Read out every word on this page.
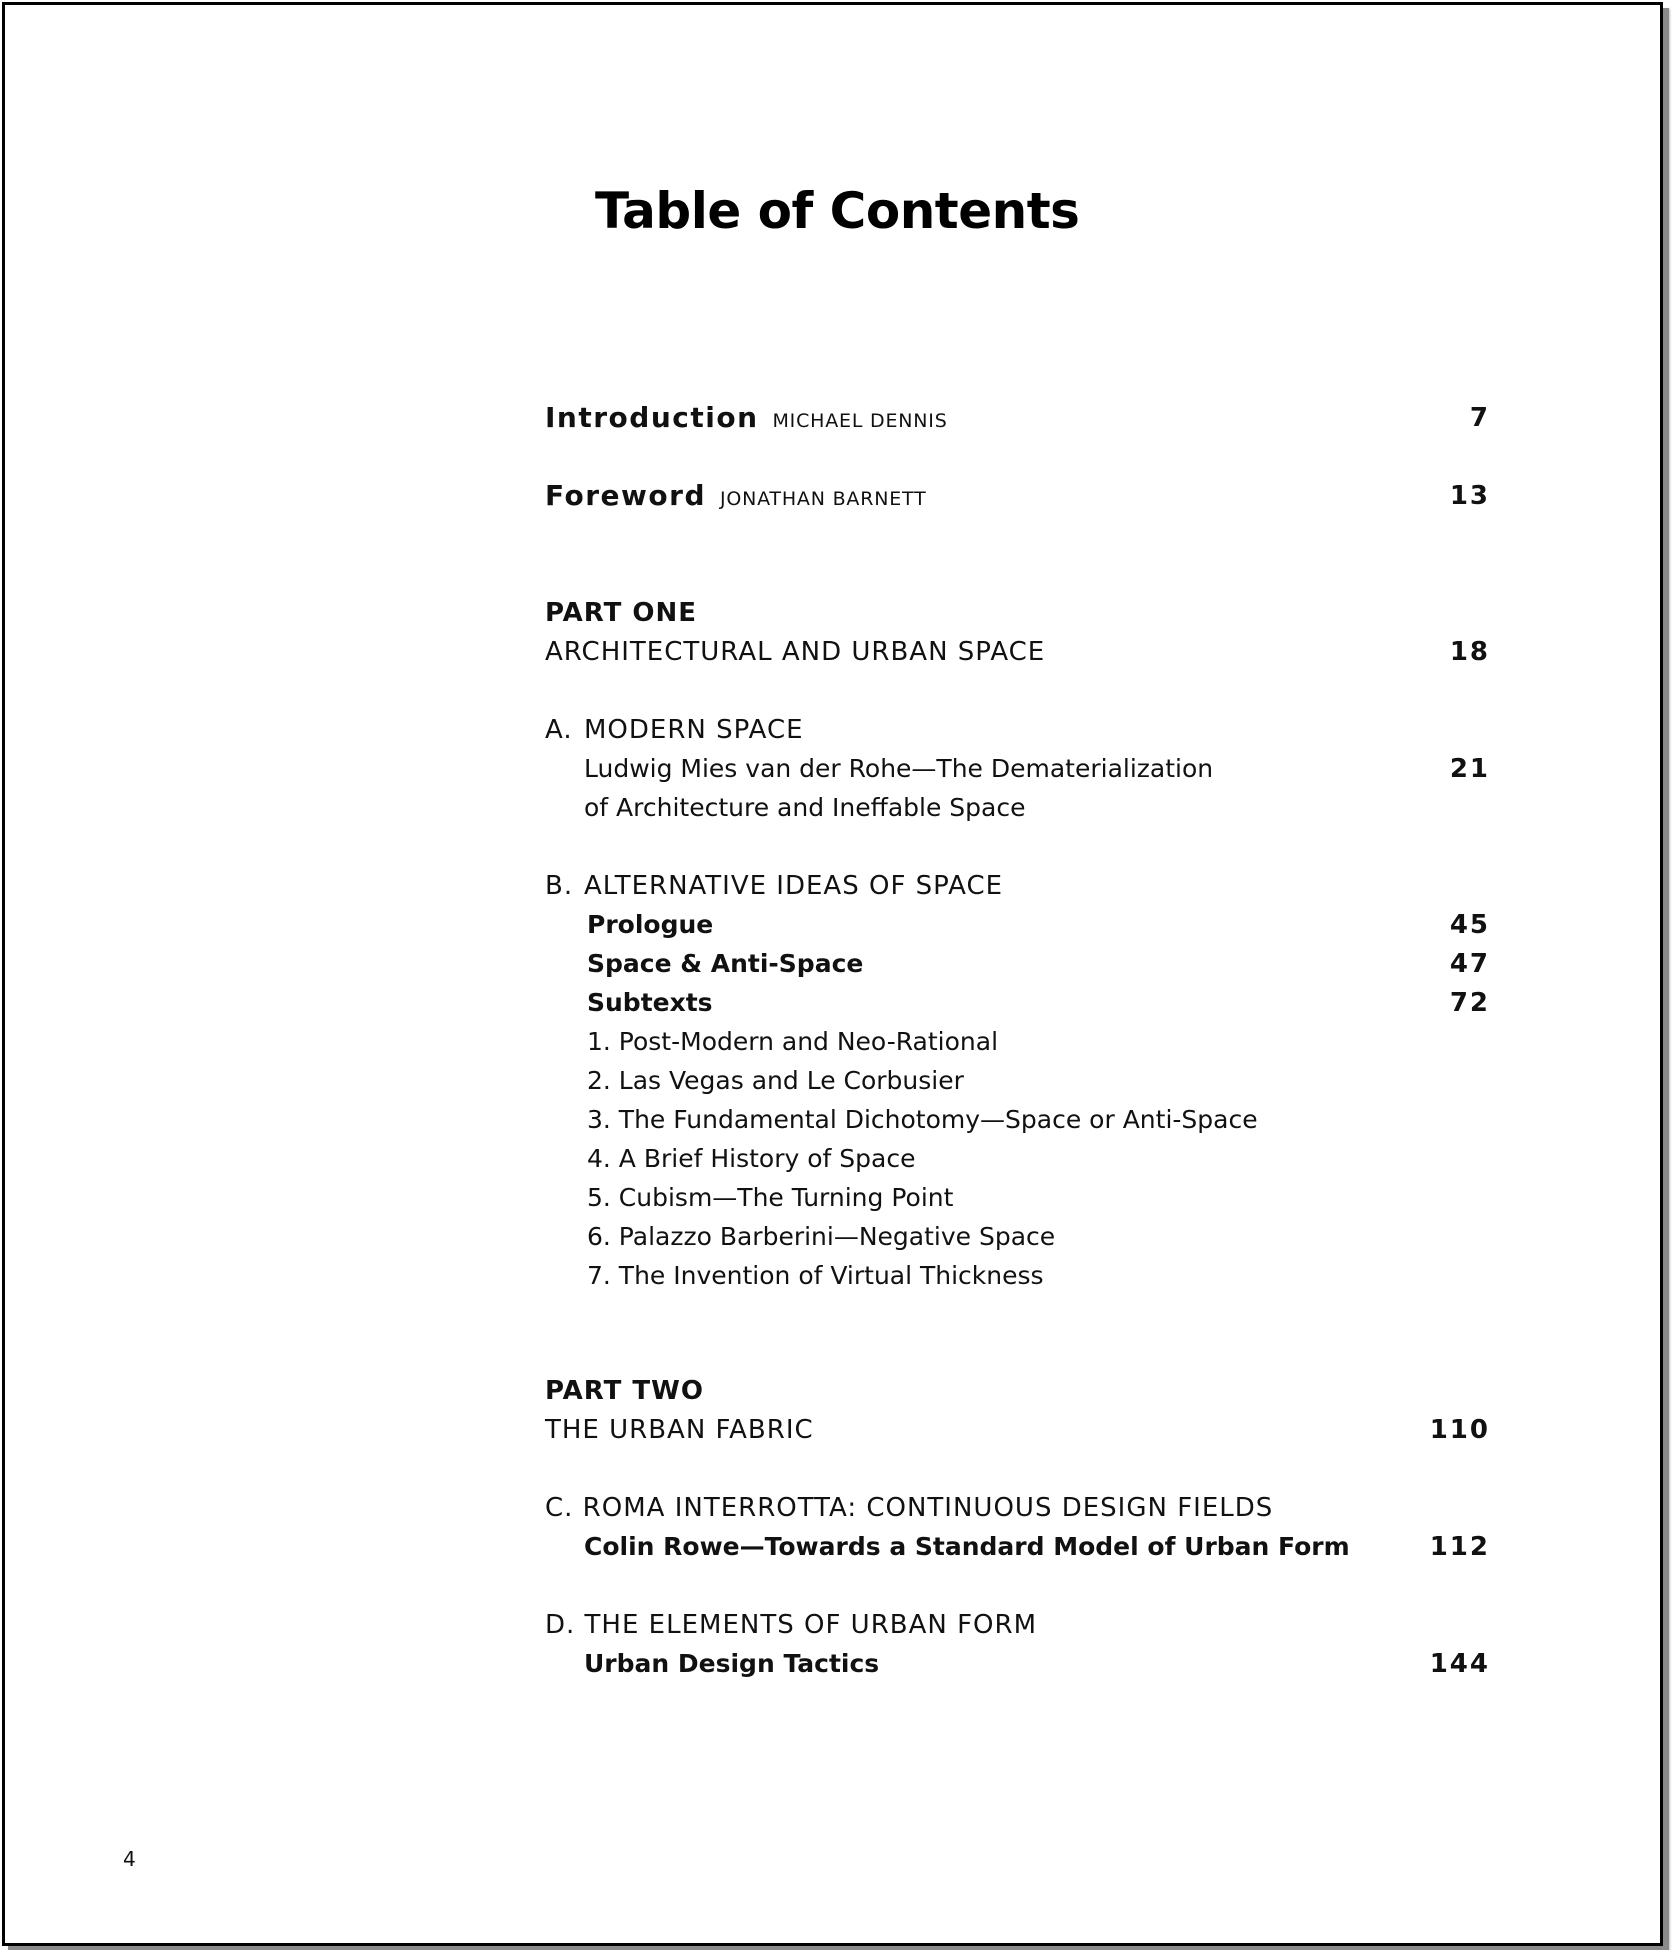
Table of Contents
Introduction MICHAEL DENNIS	7
Foreword JONATHAN BARNETT	13
PART ONE
ARCHITECTURAL AND URBAN SPACE	18
A. MODERN SPACE
Ludwig Mies van der Rohe—The Dematerialization	21
of Architecture and Ineffable Space
B. ALTERNATIVE IDEAS OF SPACE
Prologue	45
Space & Anti-Space	47
Subtexts	72
1. Post-Modern and Neo-Rational
2. Las Vegas and Le Corbusier
3. The Fundamental Dichotomy—Space or Anti-Space
4. A Brief History of Space
5. Cubism—The Turning Point
6. Palazzo Barberini—Negative Space
7. The Invention of Virtual Thickness
PART TWO
THE URBAN FABRIC	110
C. ROMA INTERROTTA: CONTINUOUS DESIGN FIELDS
Colin Rowe—Towards a Standard Model of Urban Form	112
D. THE ELEMENTS OF URBAN FORM
Urban Design Tactics	144
4
